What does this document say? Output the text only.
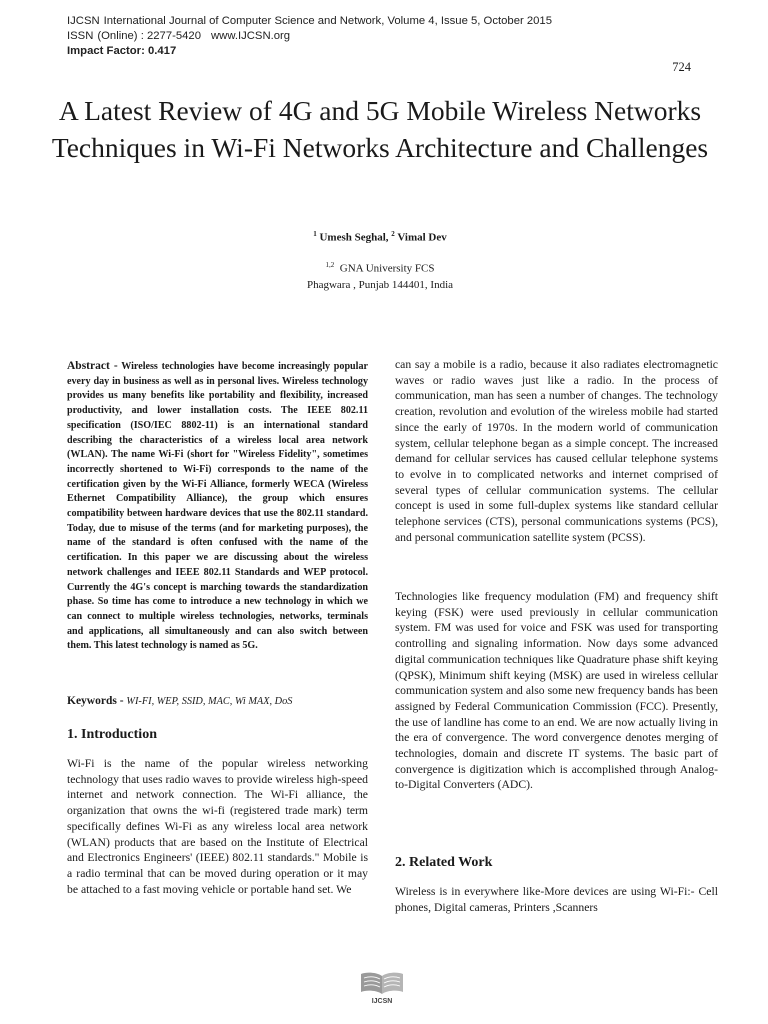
IJCSN International Journal of Computer Science and Network, Volume 4, Issue 5, October 2015
ISSN (Online) : 2277-5420 www.IJCSN.org
Impact Factor: 0.417
724
A Latest Review of 4G and 5G Mobile Wireless Networks Techniques in Wi-Fi Networks Architecture and Challenges
$^1$ Umesh Seghal, $^2$ Vimal Dev
$^{1,2}$ GNA University FCS
Phagwara , Punjab 144401, India
Abstract - Wireless technologies have become increasingly popular every day in business as well as in personal lives. Wireless technology provides us many benefits like portability and flexibility, increased productivity, and lower installation costs. The IEEE 802.11 specification (ISO/IEC 8802-11) is an international standard describing the characteristics of a wireless local area network (WLAN). The name Wi-Fi (short for "Wireless Fidelity", sometimes incorrectly shortened to Wi-Fi) corresponds to the name of the certification given by the Wi-Fi Alliance, formerly WECA (Wireless Ethernet Compatibility Alliance), the group which ensures compatibility between hardware devices that use the 802.11 standard. Today, due to misuse of the terms (and for marketing purposes), the name of the standard is often confused with the name of the certification. In this paper we are discussing about the wireless network challenges and IEEE 802.11 Standards and WEP protocol. Currently the 4G's concept is marching towards the standardization phase. So time has come to introduce a new technology in which we can connect to multiple wireless technologies, networks, terminals and applications, all simultaneously and can also switch between them. This latest technology is named as 5G.
Keywords - WI-FI, WEP, SSID, MAC, Wi MAX, DoS
1. Introduction
Wi-Fi is the name of the popular wireless networking technology that uses radio waves to provide wireless high-speed internet and network connection. The Wi-Fi alliance, the organization that owns the wi-fi (registered trade mark) term specifically defines Wi-Fi as any wireless local area network (WLAN) products that are based on the Institute of Electrical and Electronics Engineers' (IEEE) 802.11 standards." Mobile is a radio terminal that can be moved during operation or it may be attached to a fast moving vehicle or portable hand set. We
can say a mobile is a radio, because it also radiates electromagnetic waves or radio waves just like a radio. In the process of communication, man has seen a number of changes. The technology creation, revolution and evolution of the wireless mobile had started since the early of 1970s. In the modern world of communication system, cellular telephone began as a simple concept. The increased demand for cellular services has caused cellular telephone systems to evolve in to complicated networks and internet comprised of several types of cellular communication systems. The cellular concept is used in some full-duplex systems like standard cellular telephone services (CTS), personal communications systems (PCS), and personal communication satellite system (PCSS).
Technologies like frequency modulation (FM) and frequency shift keying (FSK) were used previously in cellular communication system. FM was used for voice and FSK was used for transporting controlling and signaling information. Now days some advanced digital communication techniques like Quadrature phase shift keying (QPSK), Minimum shift keying (MSK) are used in wireless cellular communication system and also some new frequency bands has been assigned by Federal Communication Commission (FCC). Presently, the use of landline has come to an end. We are now actually living in the era of convergence. The word convergence denotes merging of technologies, domain and discrete IT systems. The basic part of convergence is digitization which is accomplished through Analog-to-Digital Converters (ADC).
2. Related Work
Wireless is in everywhere like-More devices are using Wi-Fi:- Cell phones, Digital cameras, Printers ,Scanners
IJCSN
